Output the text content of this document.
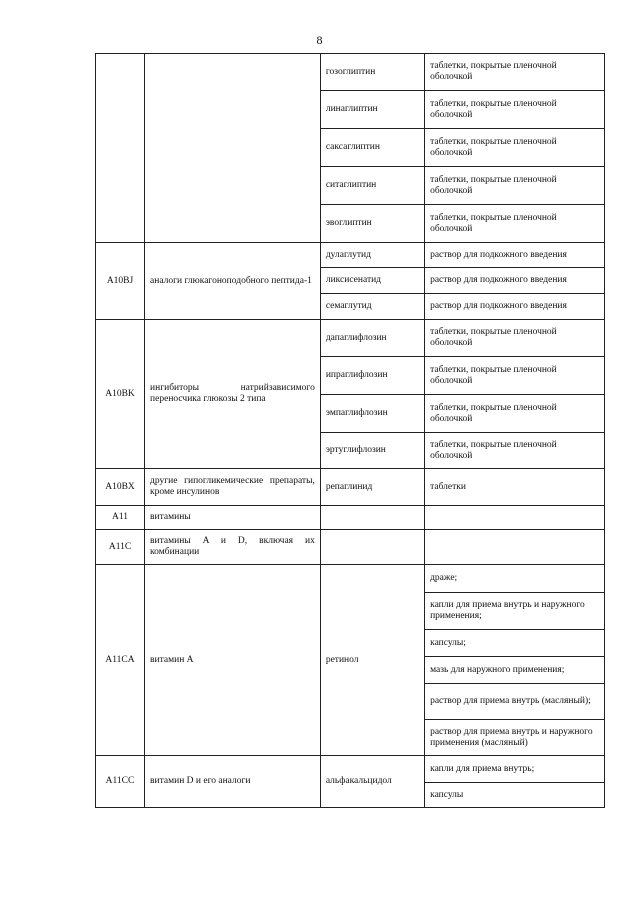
8
		гозоглиптин	таблетки, покрытые пленочной оболочкой
		линаглиптин	таблетки, покрытые пленочной оболочкой
		саксаглиптин	таблетки, покрытые пленочной оболочкой
		ситаглиптин	таблетки, покрытые пленочной оболочкой
		эвоглиптин	таблетки, покрытые пленочной оболочкой
A10BJ	аналоги глюкагоноподобного пептида-1	дулаглутид	раствор для подкожного введения
		ликсисенатид	раствор для подкожного введения
		семаглутид	раствор для подкожного введения
A10BK	ингибиторы натрийзависимого переносчика глюкозы 2 типа	дапаглифлозин	таблетки, покрытые пленочной оболочкой
		ипраглифлозин	таблетки, покрытые пленочной оболочкой
		эмпаглифлозин	таблетки, покрытые пленочной оболочкой
		эртуглифлозин	таблетки, покрытые пленочной оболочкой
A10BX	другие гипогликемические препараты, кроме инсулинов	репаглинид	таблетки
A11	витамины		
A11C	витамины A и D, включая их комбинации		
A11CA	витамин A	ретинол	драже;
			капли для приема внутрь и наружного применения;
			капсулы;
			мазь для наружного применения;
			раствор для приема внутрь (масляный);
			раствор для приема внутрь и наружного применения (масляный)
A11CC	витамин D и его аналоги	альфакальцидол	капли для приема внутрь;
			капсулы
